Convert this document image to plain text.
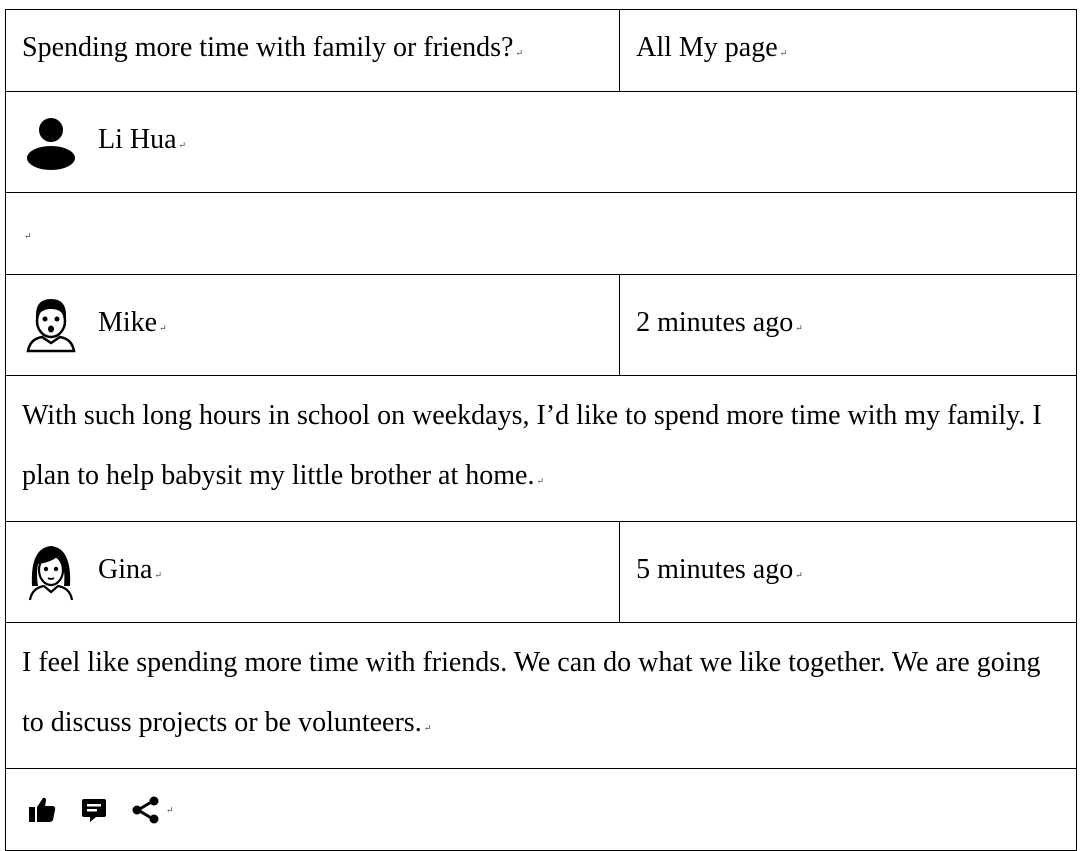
Spending more time with family or friends? ↵	All My page ↵

Li Hua ↵	

↵	

Mike ↵	2 minutes ago ↵
With such long hours in school on weekdays, I’d like to spend more time with my family. I plan to help babysit my little brother at home. ↵	

Gina ↵	5 minutes ago ↵
I feel like spending more time with friends. We can do what we like together. We are going to discuss projects or be volunteers. ↵	

↵	
